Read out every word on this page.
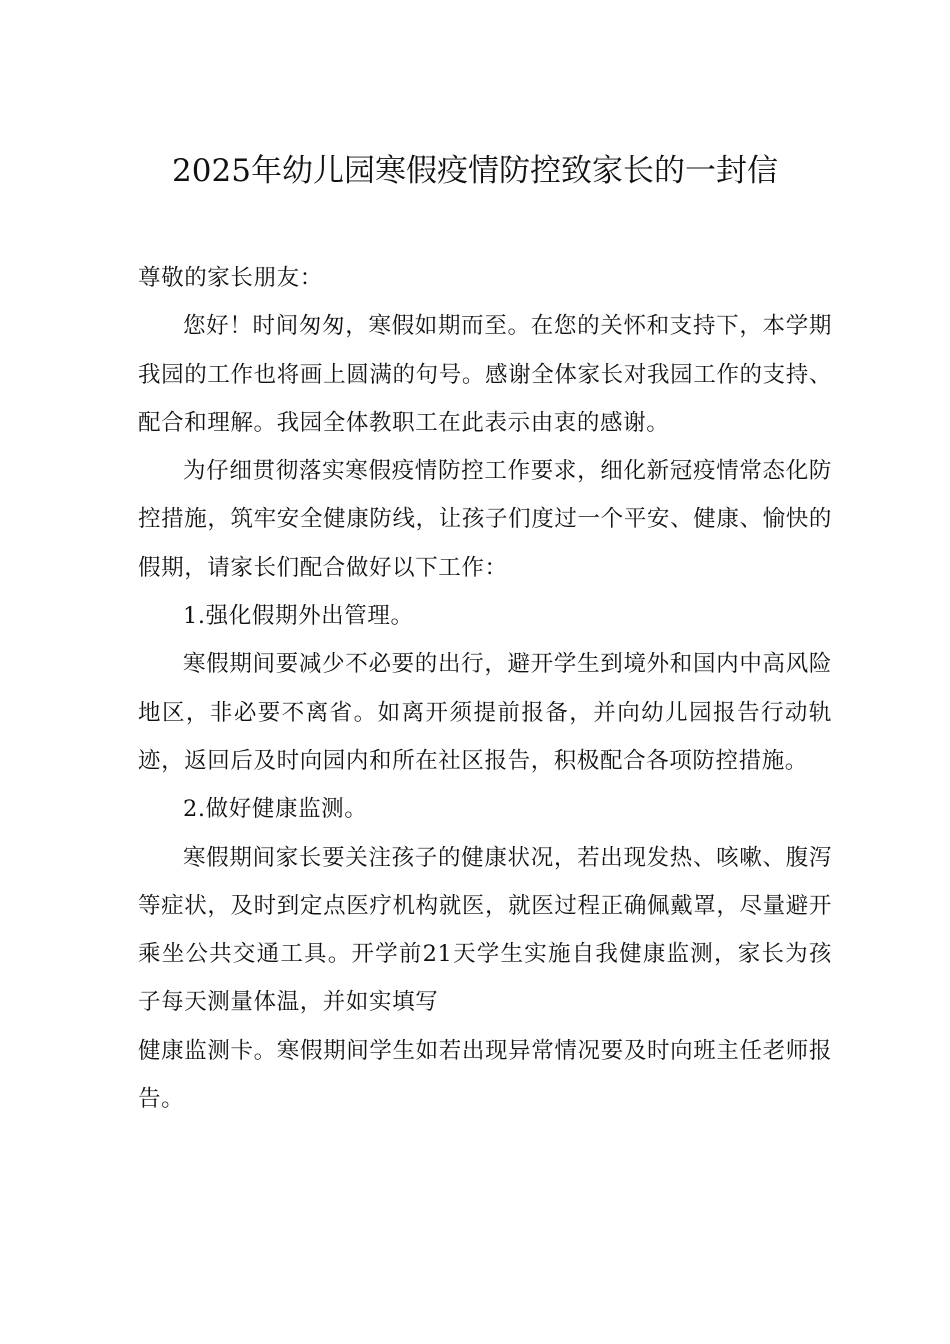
2025年幼儿园寒假疫情防控致家长的一封信

尊敬的家长朋友：

您好！时间匆匆，寒假如期而至。在您的关怀和支持下，本学期我园的工作也将画上圆满的句号。感谢全体家长对我园工作的支持、配合和理解。我园全体教职工在此表示由衷的感谢。

为仔细贯彻落实寒假疫情防控工作要求，细化新冠疫情常态化防控措施，筑牢安全健康防线，让孩子们度过一个平安、健康、愉快的假期，请家长们配合做好以下工作：

1.强化假期外出管理。

寒假期间要减少不必要的出行，避开学生到境外和国内中高风险地区，非必要不离省。如离开须提前报备，并向幼儿园报告行动轨迹，返回后及时向园内和所在社区报告，积极配合各项防控措施。

2.做好健康监测。

寒假期间家长要关注孩子的健康状况，若出现发热、咳嗽、腹泻等症状，及时到定点医疗机构就医，就医过程正确佩戴罩，尽量避开乘坐公共交通工具。开学前21天学生实施自我健康监测，家长为孩子每天测量体温，并如实填写

健康监测卡。寒假期间学生如若出现异常情况要及时向班主任老师报告。
